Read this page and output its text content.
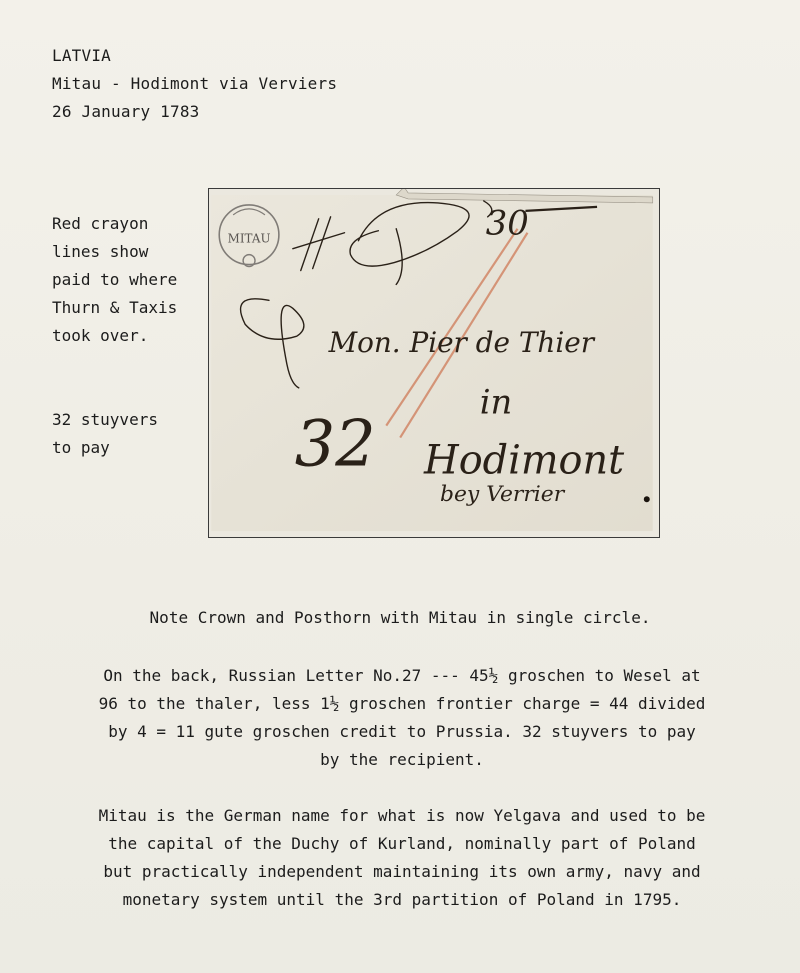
LATVIA
Mitau - Hodimont via Verviers
26 January 1783
Red crayon
lines show
paid to where
Thurn & Taxis
took over.
32 stuyvers
to pay
MITAU	30
Mon. Pier de Thier
in
Hodimont
bey Verrier
32
Note Crown and Posthorn with Mitau in single circle.
On the back, Russian Letter No.27 --- 45½ groschen to Wesel at
96 to the thaler, less 1½ groschen frontier charge = 44 divided
by 4 = 11 gute groschen credit to Prussia. 32 stuyvers to pay
by the recipient.
Mitau is the German name for what is now Yelgava and used to be
the capital of the Duchy of Kurland, nominally part of Poland
but practically independent maintaining its own army, navy and
monetary system until the 3rd partition of Poland in 1795.
